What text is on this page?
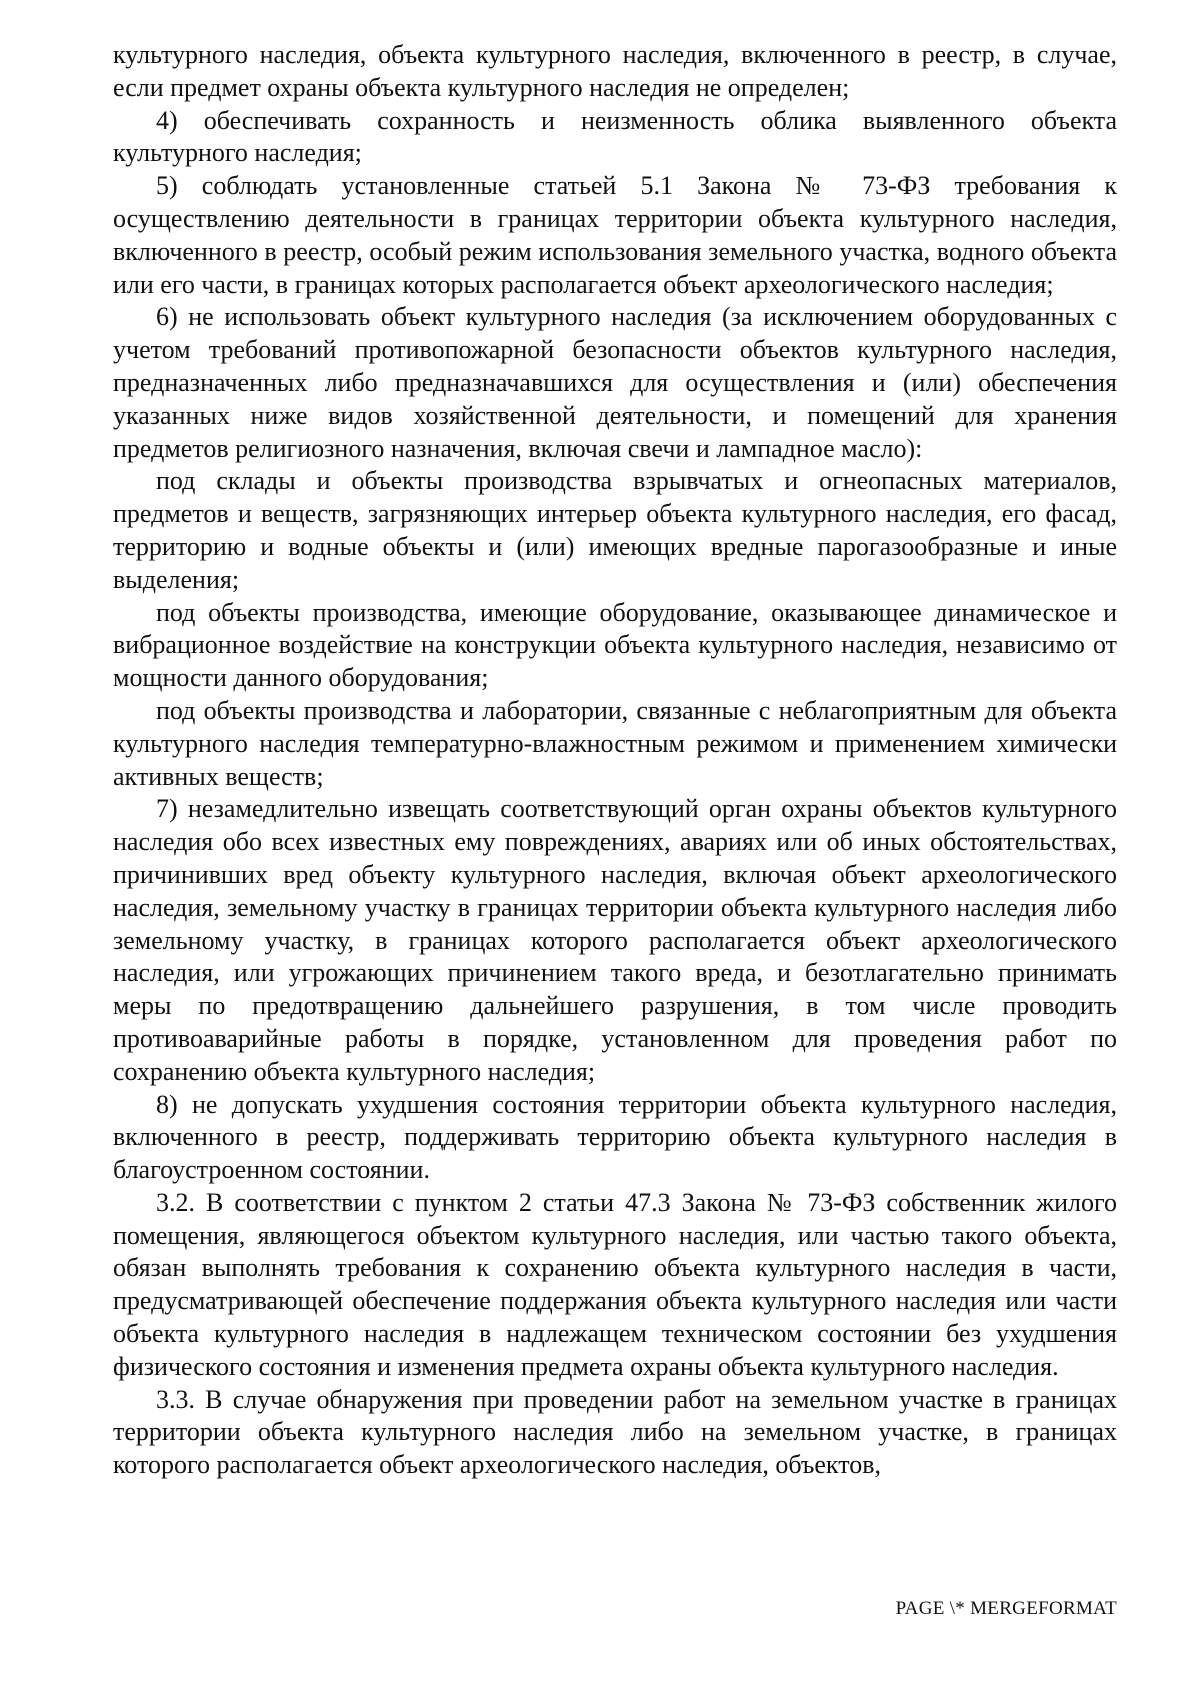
культурного наследия, объекта культурного наследия, включенного в реестр, в случае, если предмет охраны объекта культурного наследия не определен;

4) обеспечивать сохранность и неизменность облика выявленного объекта культурного наследия;

5) соблюдать установленные статьей 5.1 Закона № 73-ФЗ требования к осуществлению деятельности в границах территории объекта культурного наследия, включенного в реестр, особый режим использования земельного участка, водного объекта или его части, в границах которых располагается объект археологического наследия;

6) не использовать объект культурного наследия (за исключением оборудованных с учетом требований противопожарной безопасности объектов культурного наследия, предназначенных либо предназначавшихся для осуществления и (или) обеспечения указанных ниже видов хозяйственной деятельности, и помещений для хранения предметов религиозного назначения, включая свечи и лампадное масло):

под склады и объекты производства взрывчатых и огнеопасных материалов, предметов и веществ, загрязняющих интерьер объекта культурного наследия, его фасад, территорию и водные объекты и (или) имеющих вредные парогазообразные и иные выделения;

под объекты производства, имеющие оборудование, оказывающее динамическое и вибрационное воздействие на конструкции объекта культурного наследия, независимо от мощности данного оборудования;

под объекты производства и лаборатории, связанные с неблагоприятным для объекта культурного наследия температурно-влажностным режимом и применением химически активных веществ;

7) незамедлительно извещать соответствующий орган охраны объектов культурного наследия обо всех известных ему повреждениях, авариях или об иных обстоятельствах, причинивших вред объекту культурного наследия, включая объект археологического наследия, земельному участку в границах территории объекта культурного наследия либо земельному участку, в границах которого располагается объект археологического наследия, или угрожающих причинением такого вреда, и безотлагательно принимать меры по предотвращению дальнейшего разрушения, в том числе проводить противоаварийные работы в порядке, установленном для проведения работ по сохранению объекта культурного наследия;

8) не допускать ухудшения состояния территории объекта культурного наследия, включенного в реестр, поддерживать территорию объекта культурного наследия в благоустроенном состоянии.

3.2. В соответствии с пунктом 2 статьи 47.3 Закона № 73-ФЗ собственник жилого помещения, являющегося объектом культурного наследия, или частью такого объекта, обязан выполнять требования к сохранению объекта культурного наследия в части, предусматривающей обеспечение поддержания объекта культурного наследия или части объекта культурного наследия в надлежащем техническом состоянии без ухудшения физического состояния и изменения предмета охраны объекта культурного наследия.

3.3. В случае обнаружения при проведении работ на земельном участке в границах территории объекта культурного наследия либо на земельном участке, в границах которого располагается объект археологического наследия, объектов,

PAGE \* MERGEFORMAT
